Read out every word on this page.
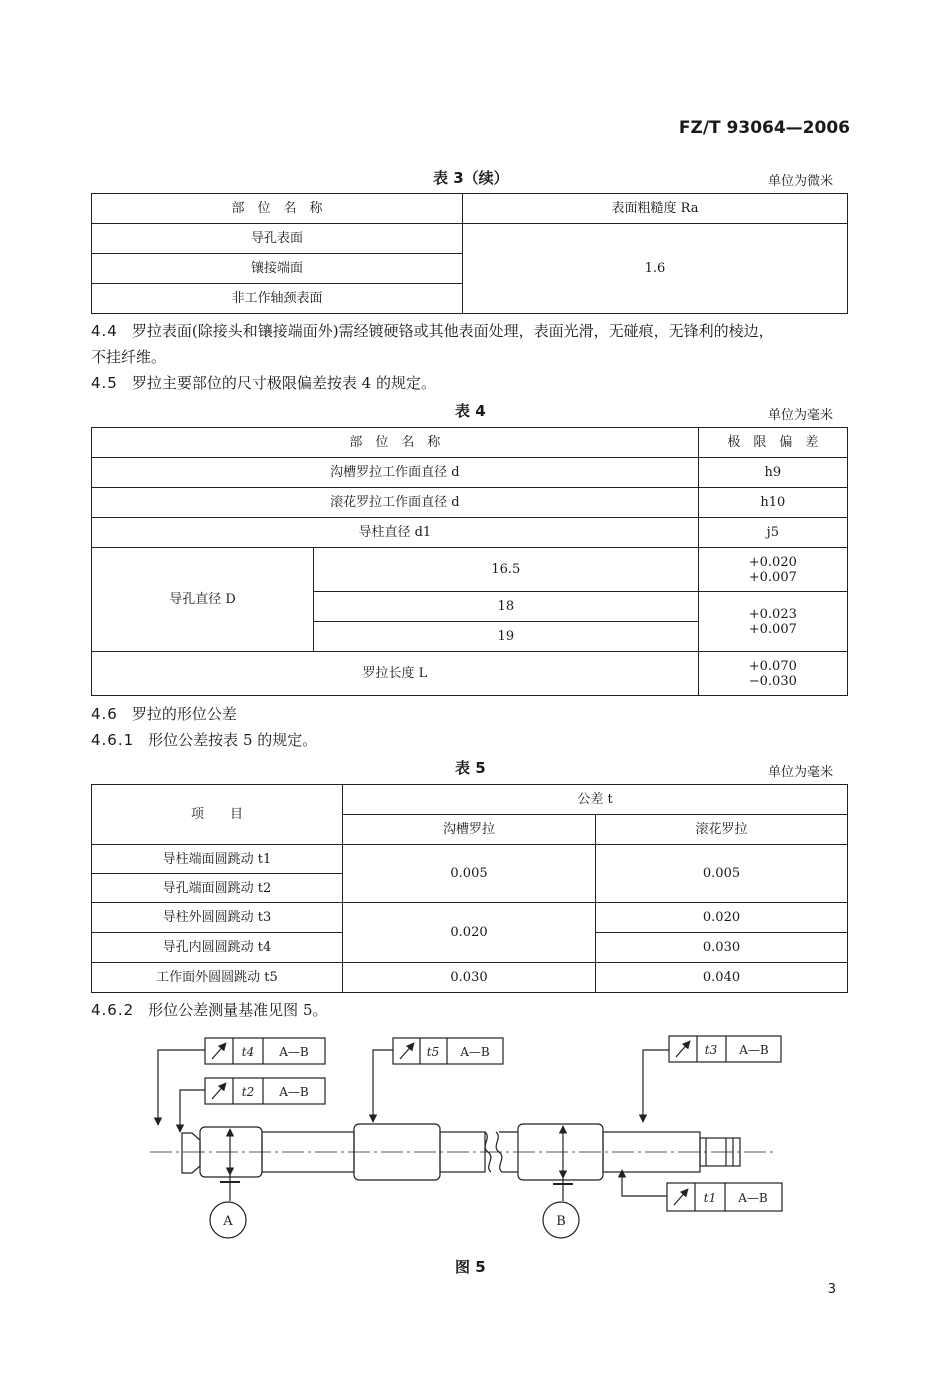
FZ/T 93064—2006
表 3（续）	单位为微米
部　位　名　称	表面粗糙度 Ra
导孔表面	1.6
镶接端面	
非工作轴颈表面	
4.4 罗拉表面(除接头和镶接端面外)需经镀硬铬或其他表面处理，表面光滑，无碰痕，无锋利的棱边，
不挂纤维。
4.5 罗拉主要部位的尺寸极限偏差按表 4 的规定。
表 4	单位为毫米
部　位　名　称		极　限　偏　差
沟槽罗拉工作面直径 d		h9
滚花罗拉工作面直径 d		h10
导柱直径 d1		j5
导孔直径 D	16.5	+0.020
+0.007

	18	+0.023
+0.007

	19	
罗拉长度 L		+0.070
−0.030
4.6 罗拉的形位公差
4.6.1 形位公差按表 5 的规定。
表 5	单位为毫米
项　　目	公差 t	
	沟槽罗拉	滚花罗拉
导柱端面圆跳动 t1	0.005	0.005
导孔端面圆跳动 t2		
导柱外圆圆跳动 t3	0.020	0.020
导孔内圆圆跳动 t4		0.030
工作面外圆圆跳动 t5	0.030	0.040
4.6.2 形位公差测量基准见图 5。
t4 A—B
t2 A—B
t5 A—B	t3 A—B
t1 A—B
A	B
图 5
3
